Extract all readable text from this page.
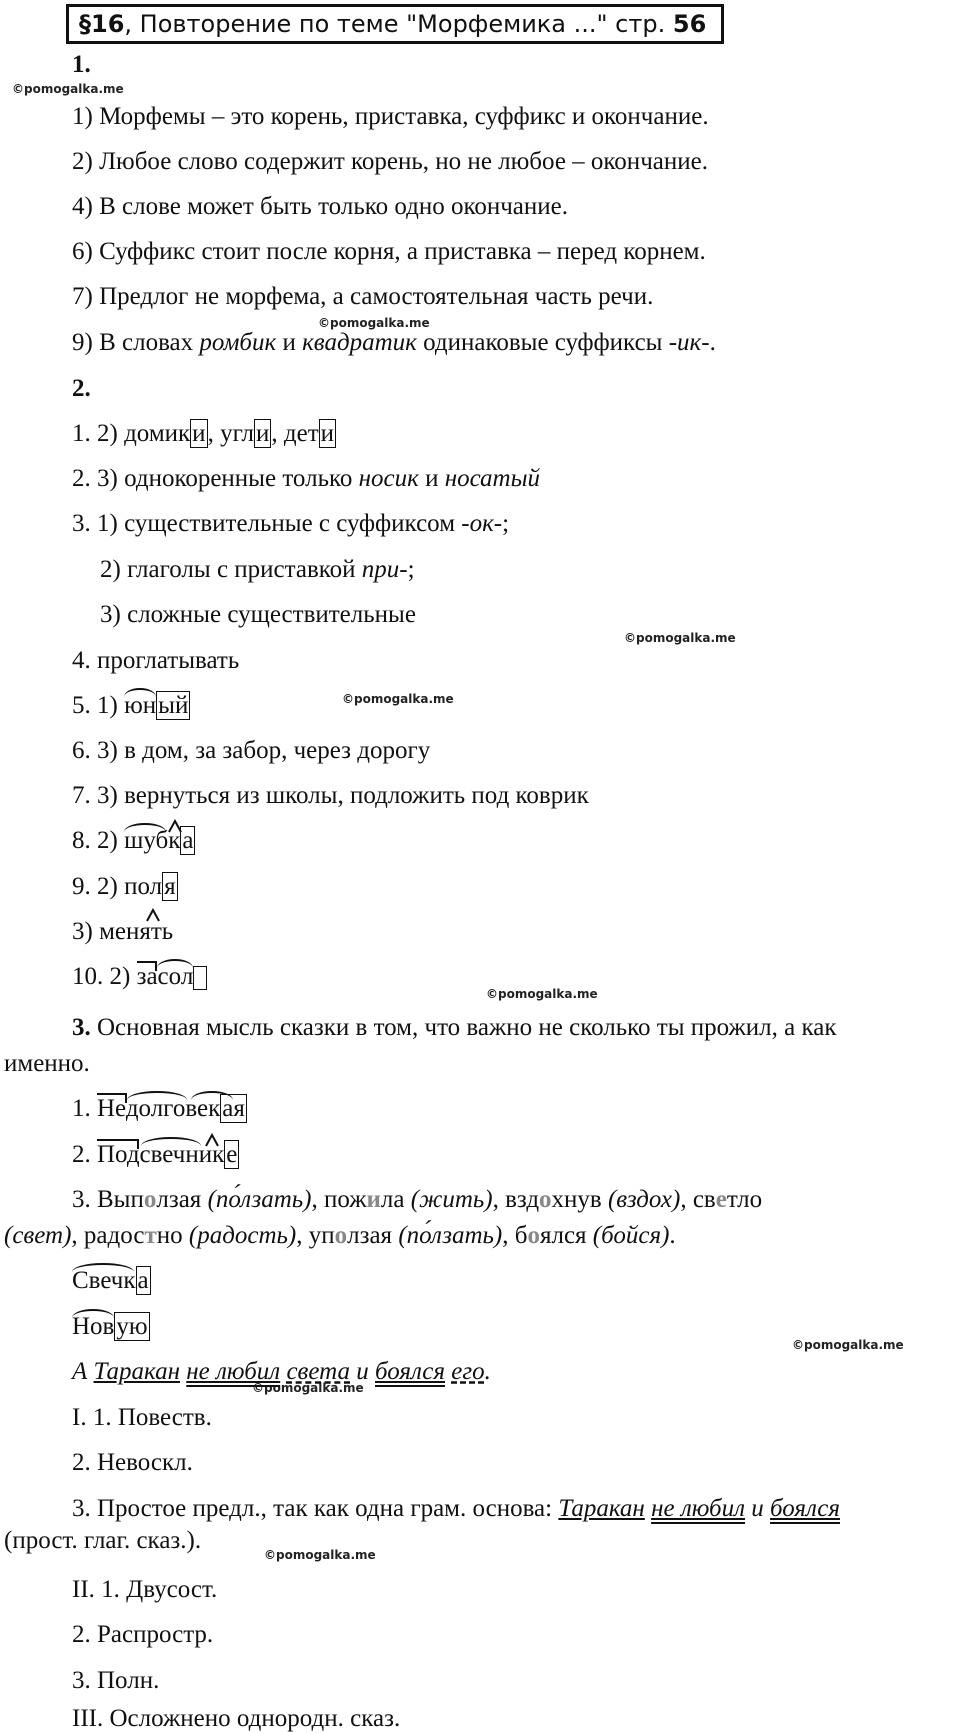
§16, Повторение по теме "Морфемика ..." стр. 56
©pomogalka.me
©pomogalka.me
©pomogalka.me
©pomogalka.me
©pomogalka.me
©pomogalka.me
©pomogalka.me
©pomogalka.me
1.
1) Морфемы – это корень, приставка, суффикс и окончание.
2) Любое слово содержит корень, но не любое – окончание.
4) В слове может быть только одно окончание.
6) Суффикс стоит после корня, а приставка – перед корнем.
7) Предлог не морфема, а самостоятельная часть речи.
9) В словах ромбик и квадратик одинаковые суффиксы -ик-.
2.
1. 2) домики, угли, дети
2. 3) однокоренные только носик и носатый
3. 1) существительные с суффиксом -ок-;
2) глаголы с приставкой при-;
3) сложные существительные
4. проглатывать
5. 1)
юный
6. 3) в дом, за забор, через дорогу
7. 3) вернуться из школы, подложить под коврик
8. 2)
шубка
9. 2) поля
3) менять
10. 2)
засол
3. Основная мысль сказки в том, что важно не сколько ты прожил, а как
именно.
1.
Недолговекая
2.
Подсвечнике
3. Выползая (по́лзать), пожила (жить), вздохнув (вздох), светло
(свет), радостно (радость), уползая (по́лзать), боялся (бойся).
Свечка
Новую
А Таракан не любил света и боялся его.
I. 1. Повеств.
2. Невоскл.
3. Простое предл., так как одна грам. основа: Таракан не любил и боялся
(прост. глаг. сказ.).
II. 1. Двусост.
2. Распростр.
3. Полн.
III. Осложнено однородн. сказ.
